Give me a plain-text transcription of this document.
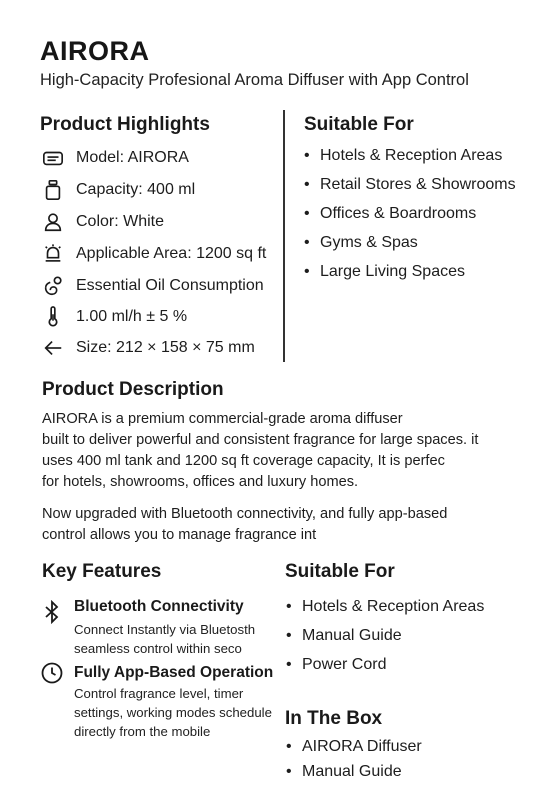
AIRORA
High-Capacity Profesional Aroma Diffuser with App Control
Product Highlights
Model: AIRORA
Capacity: 400 ml
Color: White
Applicable Area: 1200 sq ft
Essential Oil Consumption
1.00 ml/h ± 5 %
Size: 212 × 158 × 75 mm
Suitable For
• Hotels & Reception Areas
• Retail Stores & Showrooms
• Offices & Boardrooms
• Gyms & Spas
• Large Living Spaces
Product Description
AIRORA is a premium commercial-grade aroma diffuser
built to deliver powerful and consistent fragrance for large spaces. it
uses 400 ml tank and 1200 sq ft coverage capacity, It is perfec
for hotels, showrooms, offices and luxury homes.
Now upgraded with Bluetooth connectivity, and fully app-based
control allows you to manage fragrance int
Key Features
Bluetooth Connectivity
Connect Instantly via Bluetosth
seamless control within seco
Fully App-Based Operation
Control fragrance level, timer
settings, working modes schedule
directly from the mobile
Suitable For
• Hotels & Reception Areas
• Manual Guide
• Power Cord
In The Box
• AIRORA Diffuser
• Manual Guide
